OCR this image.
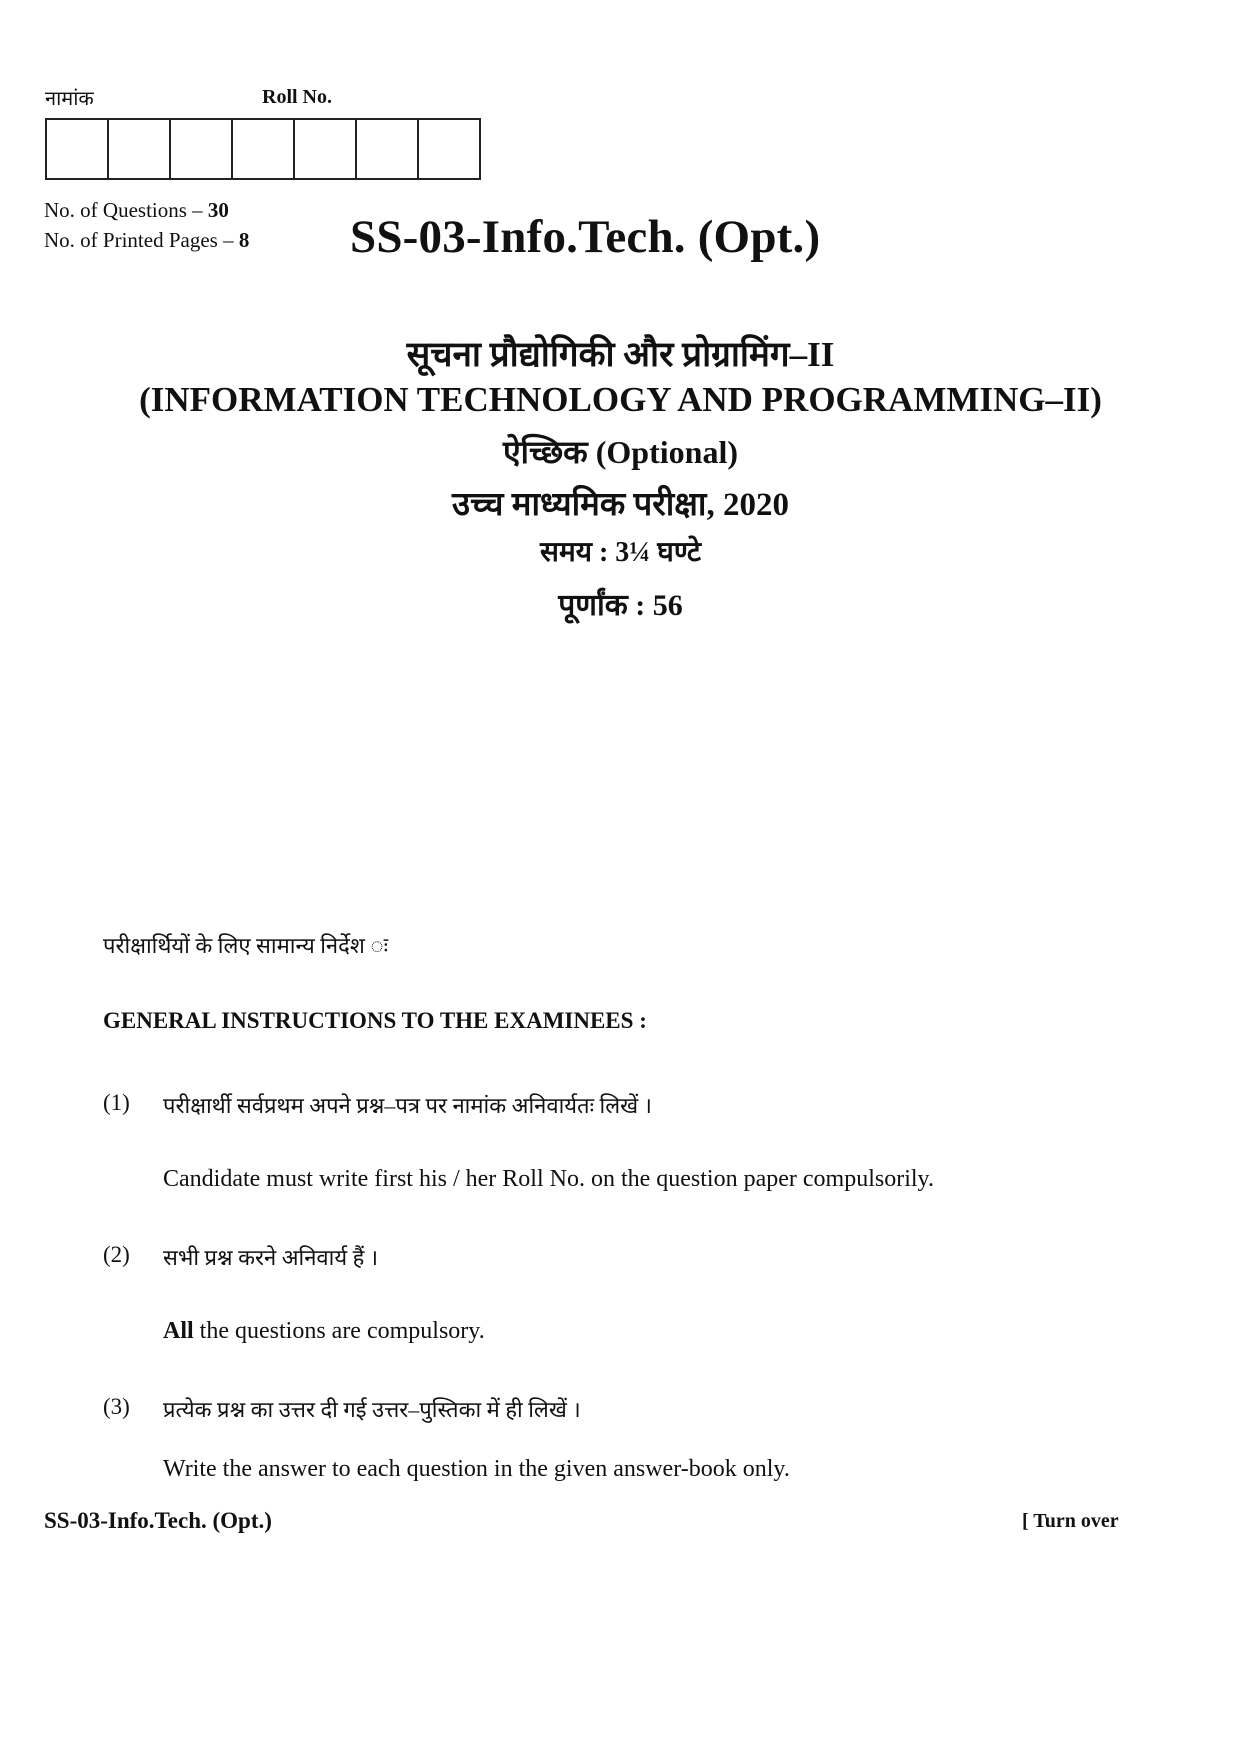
नामांक	Roll No.
No. of Questions – 30
No. of Printed Pages – 8 SS-03-Info.Tech. (Opt.)
सूचना प्रौद्योगिकी और प्रोग्रामिंग–II
(INFORMATION TECHNOLOGY AND PROGRAMMING–II)
ऐच्छिक (Optional)
उच्च माध्यमिक परीक्षा, 2020
समय : 3¼ घण्टे
पूर्णांक : 56
परीक्षार्थियों के लिए सामान्य निर्देश ः
GENERAL INSTRUCTIONS TO THE EXAMINEES :
(1) परीक्षार्थी सर्वप्रथम अपने प्रश्न–पत्र पर नामांक अनिवार्यतः लिखें ।
Candidate must write first his / her Roll No. on the question paper compulsorily.
(2) सभी प्रश्न करने अनिवार्य हैं ।
All the questions are compulsory.
(3) प्रत्येक प्रश्न का उत्तर दी गई उत्तर–पुस्तिका में ही लिखें ।
Write the answer to each question in the given answer-book only.
SS-03-Info.Tech. (Opt.)	[ Turn over
